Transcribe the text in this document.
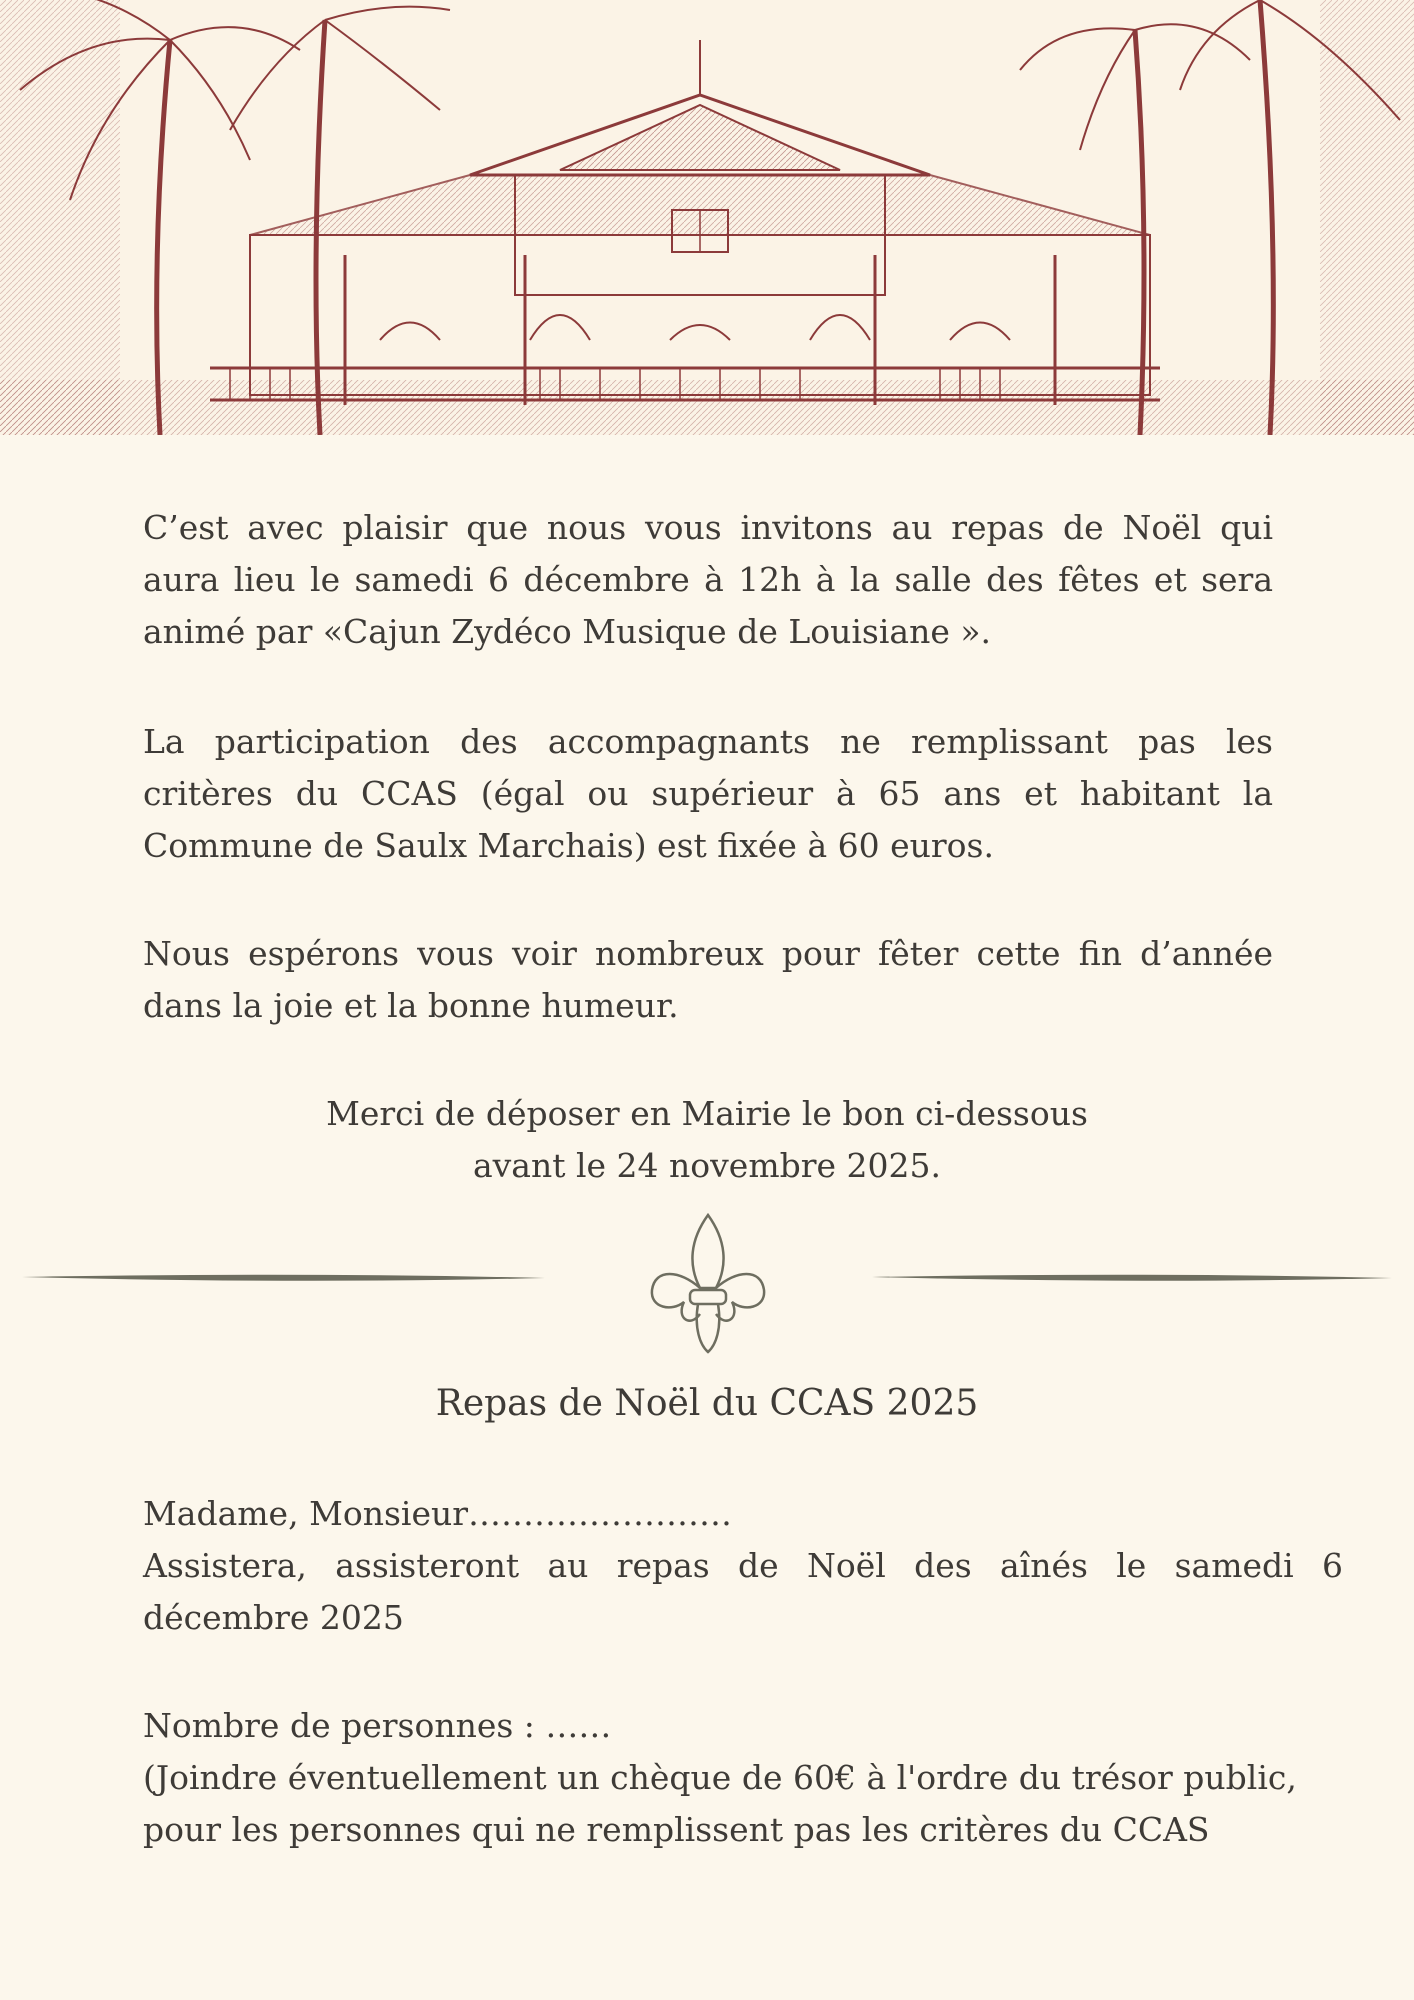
C’est avec plaisir que nous vous invitons au repas de Noël qui
aura lieu le samedi 6 décembre à 12h à la salle des fêtes et sera
animé par «Cajun Zydéco Musique de Louisiane ».
La participation des accompagnants ne remplissant pas les
critères du CCAS (égal ou supérieur à 65 ans et habitant la
Commune de Saulx Marchais) est fixée à 60 euros.
Nous espérons vous voir nombreux pour fêter cette fin d’année
dans la joie et la bonne humeur.
Merci de déposer en Mairie le bon ci-dessous
avant le 24 novembre 2025.
Repas de Noël du CCAS 2025
Madame, Monsieur……………………
Assistera, assisteront au repas de Noël des aînés le samedi 6
décembre 2025
Nombre de personnes : ……
(Joindre éventuellement un chèque de 60€ à l'ordre du trésor public,
pour les personnes qui ne remplissent pas les critères du CCAS
